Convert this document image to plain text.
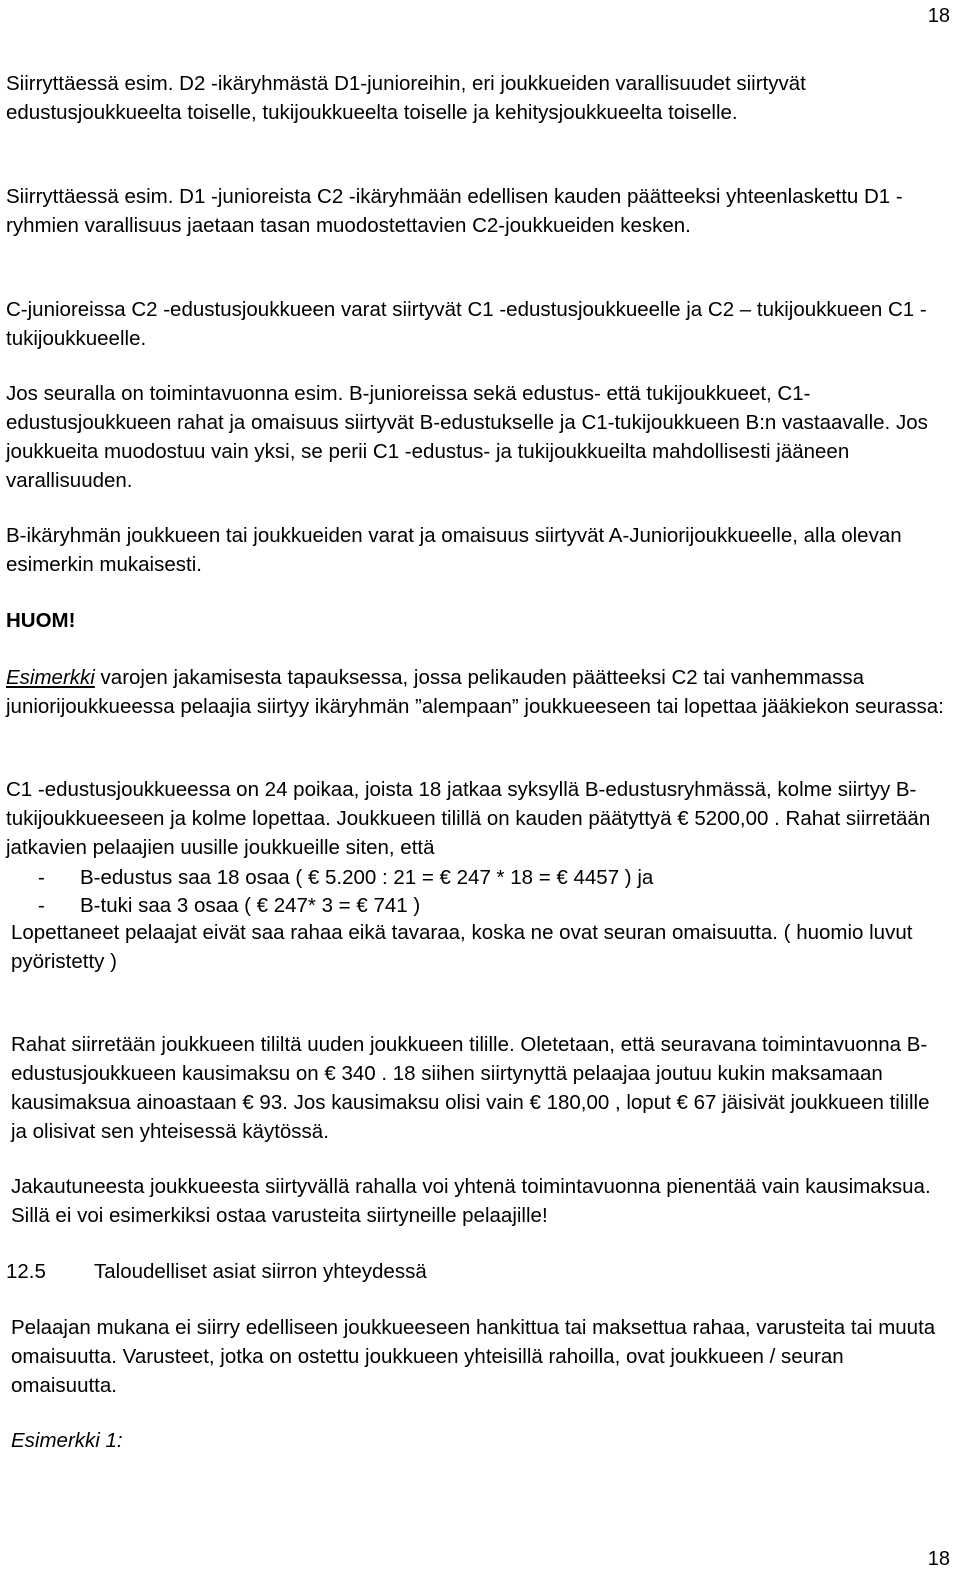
18

Siirryttäessä esim. D2 -ikäryhmästä D1-junioreihin, eri joukkueiden varallisuudet siirtyvät edustusjoukkueelta toiselle, tukijoukkueelta toiselle ja kehitysjoukkueelta toiselle.

Siirryttäessä esim. D1 -junioreista C2 -ikäryhmään edellisen kauden päätteeksi yhteenlaskettu D1 -ryhmien varallisuus jaetaan tasan muodostettavien C2-joukkueiden kesken.

C-junioreissa C2 -edustusjoukkueen varat siirtyvät C1 -edustusjoukkueelle ja C2 – tukijoukkueen C1 -tukijoukkueelle.

Jos seuralla on toimintavuonna esim. B-junioreissa sekä edustus- että tukijoukkueet, C1- edustusjoukkueen rahat ja omaisuus siirtyvät B-edustukselle ja C1-tukijoukkueen B:n vastaavalle. Jos joukkueita muodostuu vain yksi, se perii C1 -edustus- ja tukijoukkueilta mahdollisesti jääneen varallisuuden.

B-ikäryhmän joukkueen tai joukkueiden varat ja omaisuus siirtyvät A-Juniorijoukkueelle, alla olevan esimerkin mukaisesti.

HUOM!

Esimerkki varojen jakamisesta tapauksessa, jossa pelikauden päätteeksi C2 tai vanhemmassa juniorijoukkueessa pelaajia siirtyy ikäryhmän ”alempaan” joukkueeseen tai lopettaa jääkiekon seurassa:

C1 -edustusjoukkueessa on 24 poikaa, joista 18 jatkaa syksyllä B-edustusryhmässä, kolme siirtyy B-tukijoukkueeseen ja kolme lopettaa. Joukkueen tilillä on kauden päätyttyä € 5200,00 . Rahat siirretään jatkavien pelaajien uusille joukkueille siten, että

- B-edustus saa 18 osaa ( € 5.200 : 21 = € 247 * 18 = € 4457 ) ja
- B-tuki saa 3 osaa ( € 247* 3 = € 741 )

Lopettaneet pelaajat eivät saa rahaa eikä tavaraa, koska ne ovat seuran omaisuutta. ( huomio luvut pyöristetty )

Rahat siirretään joukkueen tililtä uuden joukkueen tilille. Oletetaan, että seuravana toimintavuonna B-edustusjoukkueen kausimaksu on € 340 . 18 siihen siirtynyttä pelaajaa joutuu kukin maksamaan kausimaksua ainoastaan € 93. Jos kausimaksu olisi vain € 180,00 , loput € 67 jäisivät joukkueen tilille ja olisivat sen yhteisessä käytössä.

Jakautuneesta joukkueesta siirtyvällä rahalla voi yhtenä toimintavuonna pienentää vain kausimaksua. Sillä ei voi esimerkiksi ostaa varusteita siirtyneille pelaajille!

12.5 Taloudelliset asiat siirron yhteydessä

Pelaajan mukana ei siirry edelliseen joukkueeseen hankittua tai maksettua rahaa, varusteita tai muuta omaisuutta. Varusteet, jotka on ostettu joukkueen yhteisillä rahoilla, ovat joukkueen / seuran omaisuutta.

Esimerkki 1:

18
